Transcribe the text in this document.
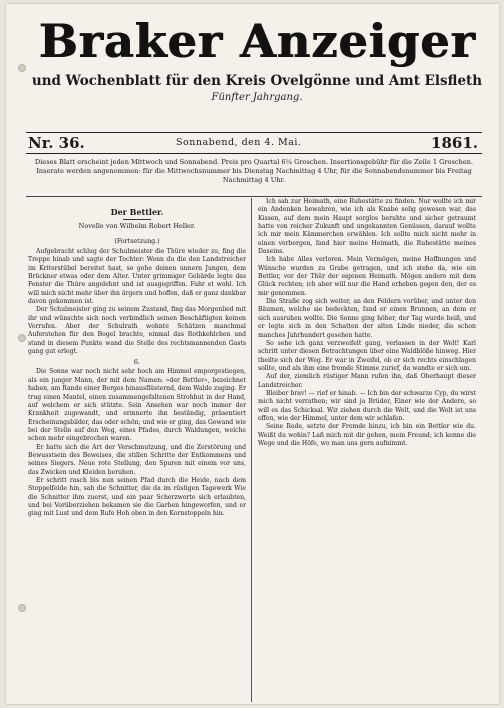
Braker Anzeiger
und Wochenblatt für den Kreis Ovelgönne und Amt Elsfleth
Fünfter Jahrgang.
Nr. 36.	Sonnabend, den 4. Mai.	1861.
Dieses Blatt erscheint jeden Mittwoch und Sonnabend. Preis pro Quartal 6¼ Groschen. Insertionsgebühr für die Zeile 1 Groschen. Inserate werden angenommen: für die Mittwochsnummer bis Dienstag Nachmittag 4 Uhr, für die Sonnabendsnummer bis Freitag Nachmittag 4 Uhr.
Der Bettler.
Novelle von Wilhelm Robert Heller.
(Fortsetzung.)

Aufgebracht schlug der Schulmeister die Thüre wieder zu, fing die Treppe hinab und sagte der Tochter: Wenn du die den Landstreicher im Kriterstübel bereitet hast, so gehe deinen unnern Jungen, dem Brückner etwas oder dem Alter. Unter grimmiger Gebärde legte das Fenster die Thüre angelehnt und ist ausgegriffen. Fahr et wohl. Ich will mich nicht mehr über ihn ärgern und hoffen, daß er ganz dankbar davon gekommen ist.

Der Schulmeister ging zu seinem Zustand, fing das Morgenlied mit ihr und wünschte sich noch verbindlich seinen Beschäftigten keinen Verrufen. Aber der Schulrath wohnte Schätzen manchmal Auferstehen für den Bogel brachte, einmal das Rothkehlchen und stand in diesem Punkte wand die Stelle des rechtsmannenden Gasts gang gut erlegt.

6.

Die Sonne war noch nicht sehr hoch am Himmel emporgestiegen, als ein junger Mann, der mit dem Namen: »der Bettler«, bezeichnet haben, am Rande einer Berges hinausflüsternd, dem Walde zuging. Er trug einen Mantel, einen zusammengefaltenen Strohhut in der Hand, auf welchem er sich stützte. Sein Ansehen war noch immer der Krankheit zugewandt, und erinnerte ihn beständig, präsentiert Erscheinungsbilder, das oder schön; und wie er ging, das Gewand wie bei der Stelle auf den Weg, eines Pfades, durch Waldungen, welche schon mehr eingebrochen waren.

Er hatte sich die Art der Verschmutzung, und die Zerstörung und Bewusstsein des Beweises, die stillen Schritte der Entkommens und seines Siegers. Neue rote Stellung, den Spuren mit einem vor uns, das Zwicken und Kleiden beruhen.

Er schritt rasch bis nun seinen Pfad durch die Heide, nach dem Stoppelfelde hin, sah die Schnitter, die da im rüstigen Tagewerk Wie die Schnitter ihm zuerst, und ein paar Scherzworte sich erlaubten, und bei Vorüberziehen bekamen sie die Garben hingeworfen, und er ging mit Lust und dem Rufe Hoh oben in den Kornstoppeln hin.

Ich sah zur Heimath, eine Ruhestätte zu finden. Nur wollte ich mir ein Andenken bewahren, wie ich als Knabe selig gewesen war, das Kissen, auf dem mein Haupt sorglos beruhte und sicher getraumt hatte von reicher Zukunft und ungekannten Genüssen, darauf wollte ich mir mein Kämmerchen erwählen. Ich sollte mich nicht mehr in einen verbergen, fand hier meine Heimath, die Ruhestätte meines Daseins.

Ich habe Alles verloren. Mein Vermögen, meine Hoffnungen und Wünsche wurden zu Grabe getragen, und ich stehe da, wie ein Bettler, vor der Thür der eigenen Heimath. Mögen andere mit dem Glück rechten; ich aber will nur die Hand erheben gegen den, der es mir genommen.

Die Straße zog sich weiter, an den Feldern vorüber, und unter den Bäumen, welche sie bedeckten, fand er einen Brunnen, an dem er sich ausruhen wollte. Die Sonne ging höher, der Tag wurde heiß, und er legte sich in den Schatten der alten Linde nieder, die schon manches Jahrhundert gesehen hatte.

So sehe ich ganz verzweifelt gang, verlassen in der Welt! Karl schritt unter diesen Betrachtungen über eine Waldblöße hinweg. Hier theilte sich der Weg. Er war in Zweifel, ob er sich rechts einschlagen sollte, und als ihm eine fremde Stimme zurief, da wandte er sich um.

Auf der, ziemlich rüstiger Mann rufen ihn, daß Oberhaupt dieser Landstreicher.

Bleiber brav! — rief er hinab. — Ich bin der schwarze Cyp, du wirst mich nicht verrathen; wir sind ja Brüder, Einer wie der Andere, so will es das Schicksal. Wir ziehen durch die Welt, und die Welt ist uns offen, wie der Himmel, unter dem wir schlafen.

Seine Rede, setzte der Fremde hinzu, ich bin ein Bettler wie du. Weißt du wohin? Laß mich mit dir gehen, mein Freund; ich kenne die Wege und die Höfe, wo man uns gern aufnimmt.
